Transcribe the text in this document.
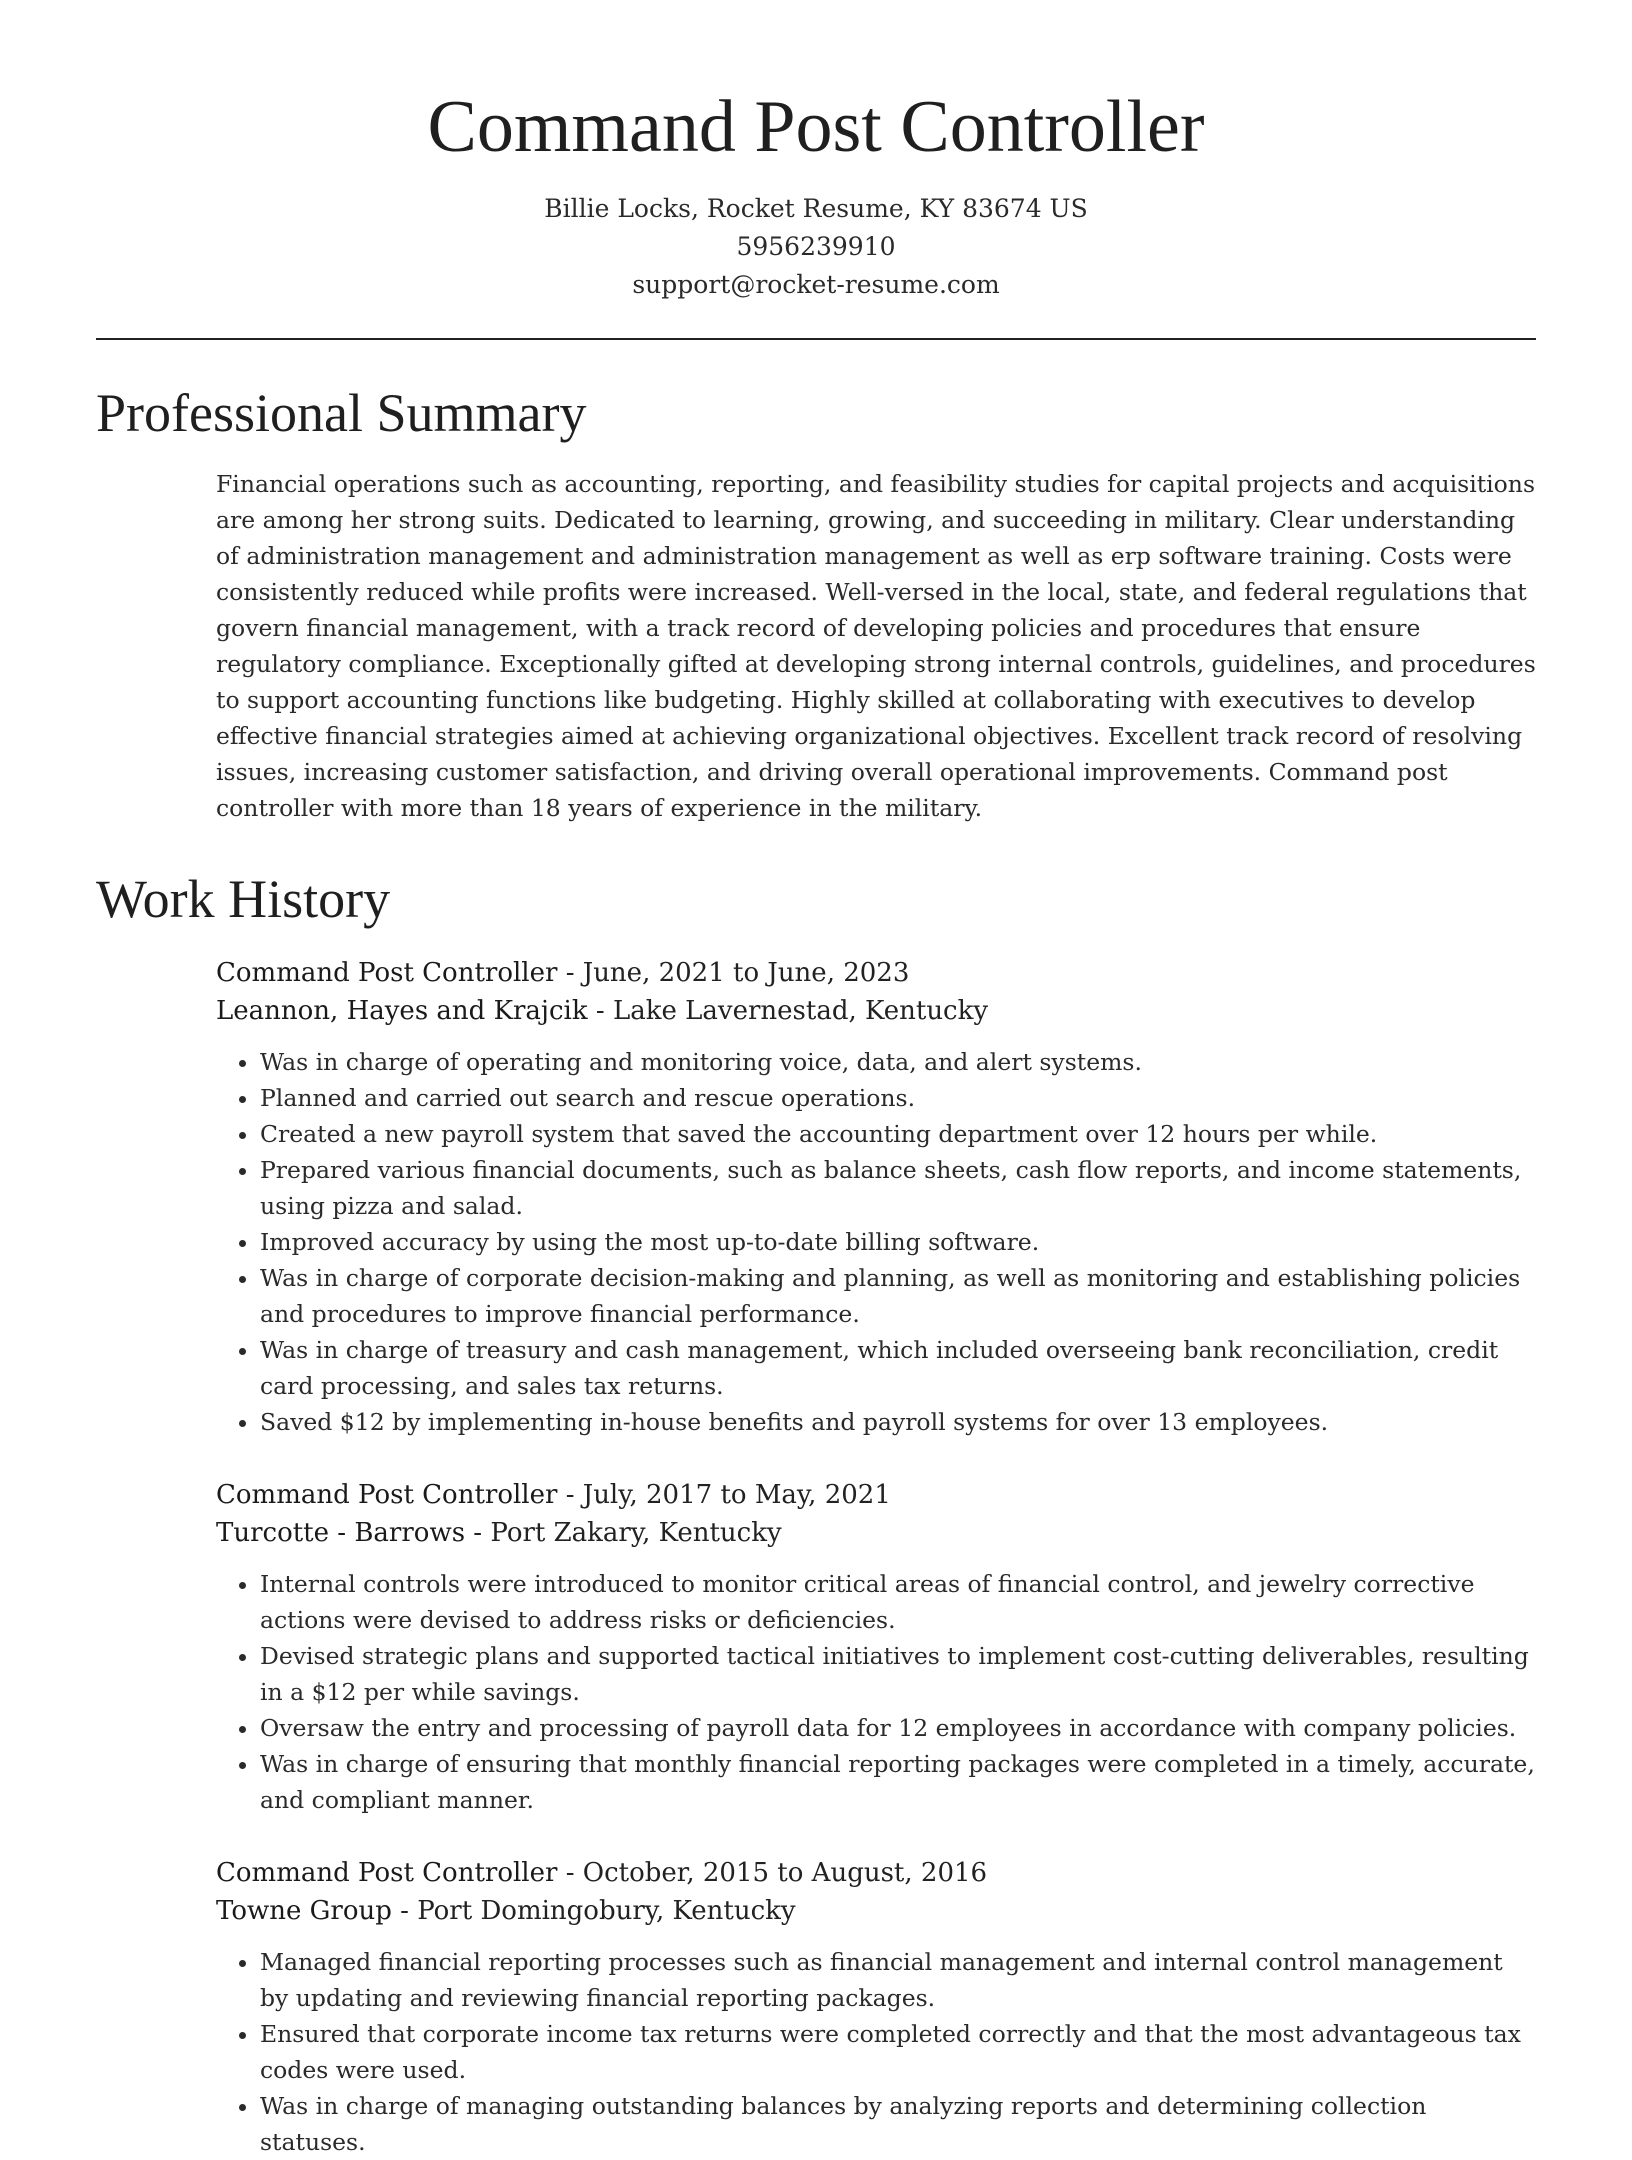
Command Post Controller
Billie Locks, Rocket Resume, KY 83674 US
5956239910
support@rocket-resume.com
Professional Summary

Financial operations such as accounting, reporting, and feasibility studies for capital projects and acquisitions are among her strong suits. Dedicated to learning, growing, and succeeding in military. Clear understanding of administration management and administration management as well as erp software training. Costs were consistently reduced while profits were increased. Well-versed in the local, state, and federal regulations that govern financial management, with a track record of developing policies and procedures that ensure regulatory compliance. Exceptionally gifted at developing strong internal controls, guidelines, and procedures to support accounting functions like budgeting. Highly skilled at collaborating with executives to develop effective financial strategies aimed at achieving organizational objectives. Excellent track record of resolving issues, increasing customer satisfaction, and driving overall operational improvements. Command post controller with more than 18 years of experience in the military.

Work History
Command Post Controller - June, 2021 to June, 2023
Leannon, Hayes and Krajcik - Lake Lavernestad, Kentucky
• Was in charge of operating and monitoring voice, data, and alert systems.
• Planned and carried out search and rescue operations.
• Created a new payroll system that saved the accounting department over 12 hours per while.
• Prepared various financial documents, such as balance sheets, cash flow reports, and income statements, using pizza and salad.
• Improved accuracy by using the most up-to-date billing software.
• Was in charge of corporate decision-making and planning, as well as monitoring and establishing policies and procedures to improve financial performance.
• Was in charge of treasury and cash management, which included overseeing bank reconciliation, credit card processing, and sales tax returns.
• Saved $12 by implementing in-house benefits and payroll systems for over 13 employees.
Command Post Controller - July, 2017 to May, 2021
Turcotte - Barrows - Port Zakary, Kentucky
• Internal controls were introduced to monitor critical areas of financial control, and jewelry corrective actions were devised to address risks or deficiencies.
• Devised strategic plans and supported tactical initiatives to implement cost-cutting deliverables, resulting in a $12 per while savings.
• Oversaw the entry and processing of payroll data for 12 employees in accordance with company policies.
• Was in charge of ensuring that monthly financial reporting packages were completed in a timely, accurate, and compliant manner.
Command Post Controller - October, 2015 to August, 2016
Towne Group - Port Domingobury, Kentucky
• Managed financial reporting processes such as financial management and internal control management by updating and reviewing financial reporting packages.
• Ensured that corporate income tax returns were completed correctly and that the most advantageous tax codes were used.
• Was in charge of managing outstanding balances by analyzing reports and determining collection statuses.
